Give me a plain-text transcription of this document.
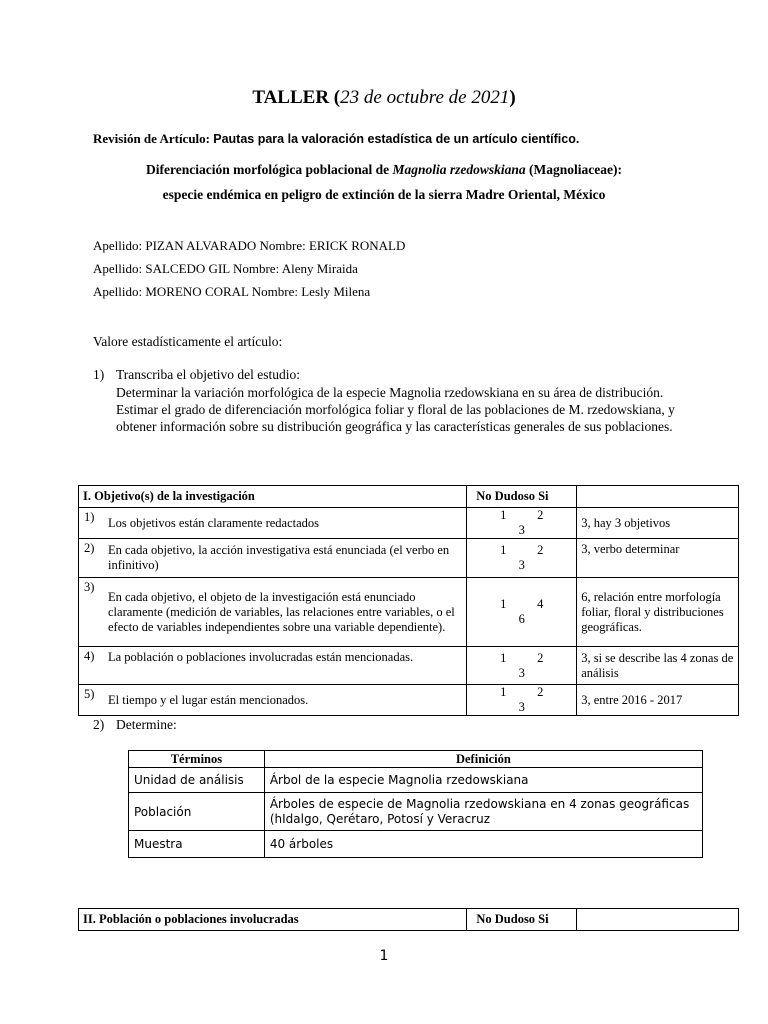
TALLER (23 de octubre de 2021)
Revisión de Artículo: Pautas para la valoración estadística de un artículo científico.
Diferenciación morfológica poblacional de Magnolia rzedowskiana (Magnoliaceae):
especie endémica en peligro de extinción de la sierra Madre Oriental, México
Apellido: PIZAN ALVARADO Nombre: ERICK RONALD
Apellido: SALCEDO GIL Nombre: Aleny Miraida
Apellido: MORENO CORAL Nombre: Lesly Milena
Valore estadísticamente el artículo:
1) Transcriba el objetivo del estudio:
Determinar la variación morfológica de la especie Magnolia rzedowskiana en su área de distribución.
Estimar el grado de diferenciación morfológica foliar y floral de las poblaciones de M. rzedowskiana, y obtener información sobre su distribución geográfica y las características generales de sus poblaciones.
I. Objetivo(s) de la investigación	No Dudoso Si	

1) Los objetivos están claramente redactados	1 23	3, hay 3 objetivos

2) En cada objetivo, la acción investigativa está enunciada (el verbo en infinitivo)	1 23	3, verbo determinar

3)
En cada objetivo, el objeto de la investigación está enunciado claramente (medición de variables, las relaciones entre variables, o el efecto de variables independientes sobre una variable dependiente).	1 46	6, relación entre morfología foliar, floral y distribuciones geográficas.

4) La población o poblaciones involucradas están mencionadas.	1 23	3, si se describe las 4 zonas de análisis

5) El tiempo y el lugar están mencionados.	1 23	3, entre 2016 - 2017
2) Determine:
Términos	Definición
Unidad de análisis	Árbol de la especie Magnolia rzedowskiana
Población	Árboles de especie de Magnolia rzedowskiana en 4 zonas geográficas (hIdalgo, Qerétaro, Potosí y Veracruz
Muestra	40 árboles
II. Población o poblaciones involucradas	No Dudoso Si	
1
